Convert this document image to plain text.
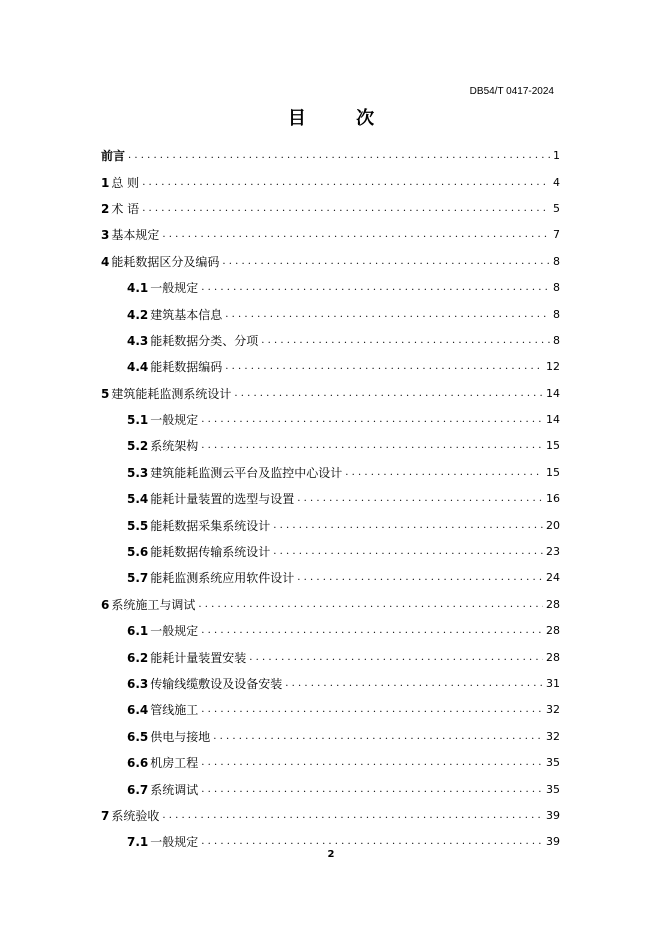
DB54/T 0417-2024
目 次
前言 . . .	1
1 总 则 . . .	4
2 术 语 . . .	5
3 基本规定 . . .	7
4 能耗数据区分及编码 . . .	8
4.1 一般规定 . . .	8
4.2 建筑基本信息 . . .	8
4.3 能耗数据分类、分项 . . .	8
4.4 能耗数据编码 . . .	12
5 建筑能耗监测系统设计 . . .	14
5.1 一般规定 . . .	14
5.2 系统架构 . . .	15
5.3 建筑能耗监测云平台及监控中心设计 . . .	15
5.4 能耗计量装置的选型与设置 . . .	16
5.5 能耗数据采集系统设计 . . .	20
5.6 能耗数据传输系统设计 . . .	23
5.7 能耗监测系统应用软件设计 . . .	24
6 系统施工与调试 . . .	28
6.1 一般规定 . . .	28
6.2 能耗计量装置安装 . . .	28
6.3 传输线缆敷设及设备安装 . . .	31
6.4 管线施工 . . .	32
6.5 供电与接地 . . .	32
6.6 机房工程 . . .	35
6.7 系统调试 . . .	35
7 系统验收 . . .	39
7.1 一般规定 . . .	39
2
